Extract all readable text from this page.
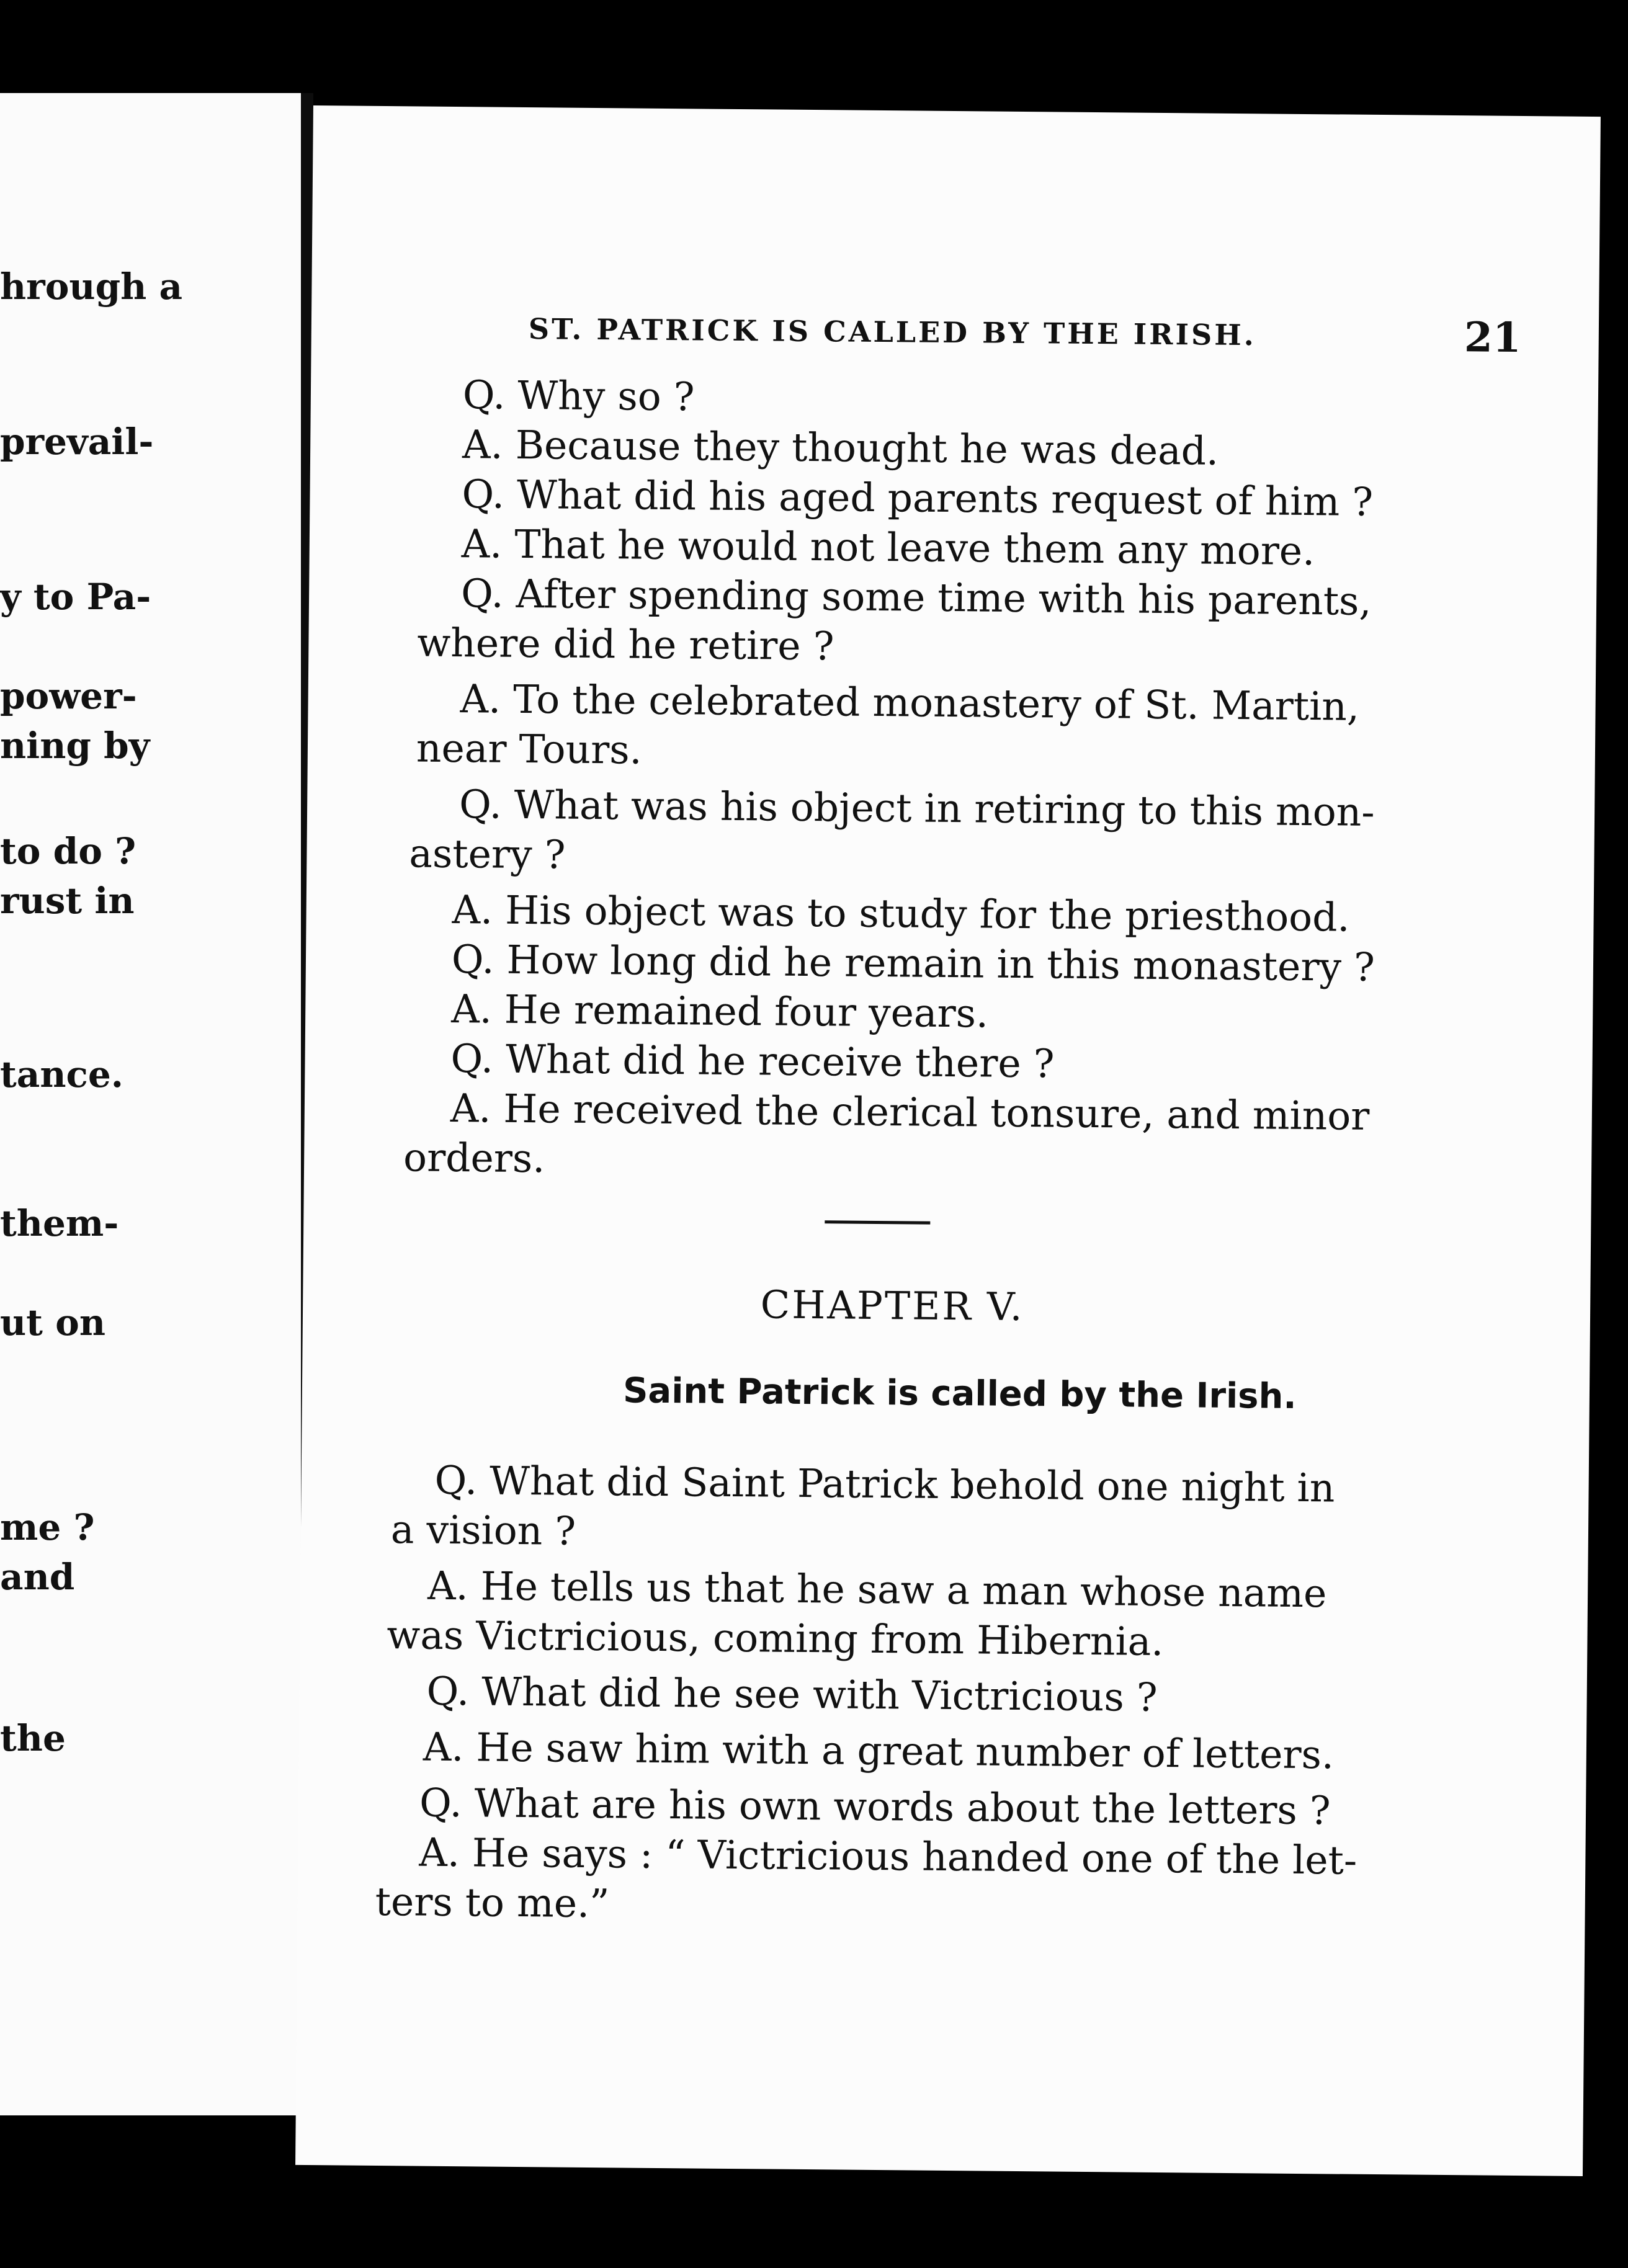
hrough a
prevail-
y to Pa-
power-
ning by
to do ?
rust in
tance.
them-
ut on
me ?
and
the
ST. PATRICK IS CALLED BY THE IRISH.	21
Q. Why so ?
A. Because they thought he was dead.
Q. What did his aged parents request of him ?
A. That he would not leave them any more.
Q. After spending some time with his parents,
where did he retire ?
A. To the celebrated monastery of St. Martin,
near Tours.
Q. What was his object in retiring to this mon-
astery ?
A. His object was to study for the priesthood.
Q. How long did he remain in this monastery ?
A. He remained four years.
Q. What did he receive there ?
A. He received the clerical tonsure, and minor
orders.
CHAPTER V.
Saint Patrick is called by the Irish.
Q. What did Saint Patrick behold one night in
a vision ?
A. He tells us that he saw a man whose name
was Victricious, coming from Hibernia.
Q. What did he see with Victricious ?
A. He saw him with a great number of letters.
Q. What are his own words about the letters ?
A. He says : “ Victricious handed one of the let-
ters to me.”
